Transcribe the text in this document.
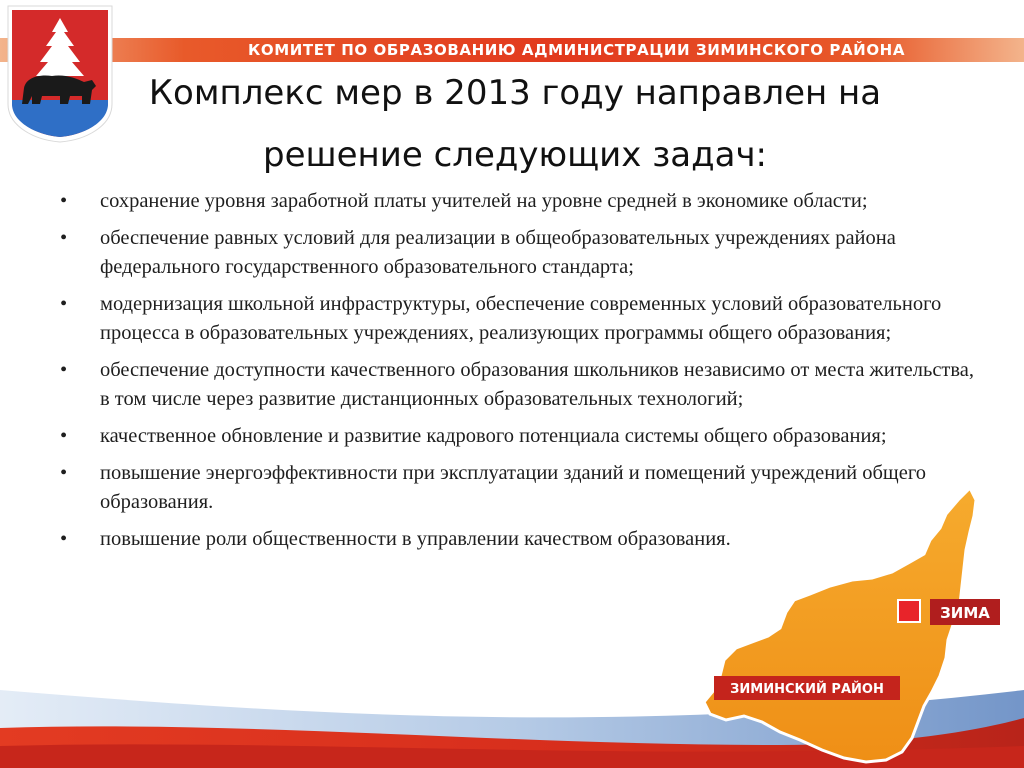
КОМИТЕТ ПО ОБРАЗОВАНИЮ АДМИНИСТРАЦИИ ЗИМИНСКОГО РАЙОНА
Комплекс мер в 2013 году направлен на
решение следующих задач:
ЗИМА
ЗИМИНСКИЙ РАЙОН
•	сохранение уровня заработной платы учителей на уровне средней в экономике области;
•	обеспечение равных условий для реализации в общеобразовательных учреждениях района федерального государственного образовательного стандарта;
•	модернизация школьной инфраструктуры, обеспечение современных условий образовательного процесса в образовательных учреждениях, реализующих программы общего образования;
•	обеспечение доступности качественного образования школьников независимо от места жительства, в том числе через развитие дистанционных образовательных технологий;
•	качественное обновление и развитие кадрового потенциала системы общего образования;
•	повышение энергоэффективности при эксплуатации зданий и помещений учреждений общего образования.
•	повышение роли общественности в управлении качеством образования.
